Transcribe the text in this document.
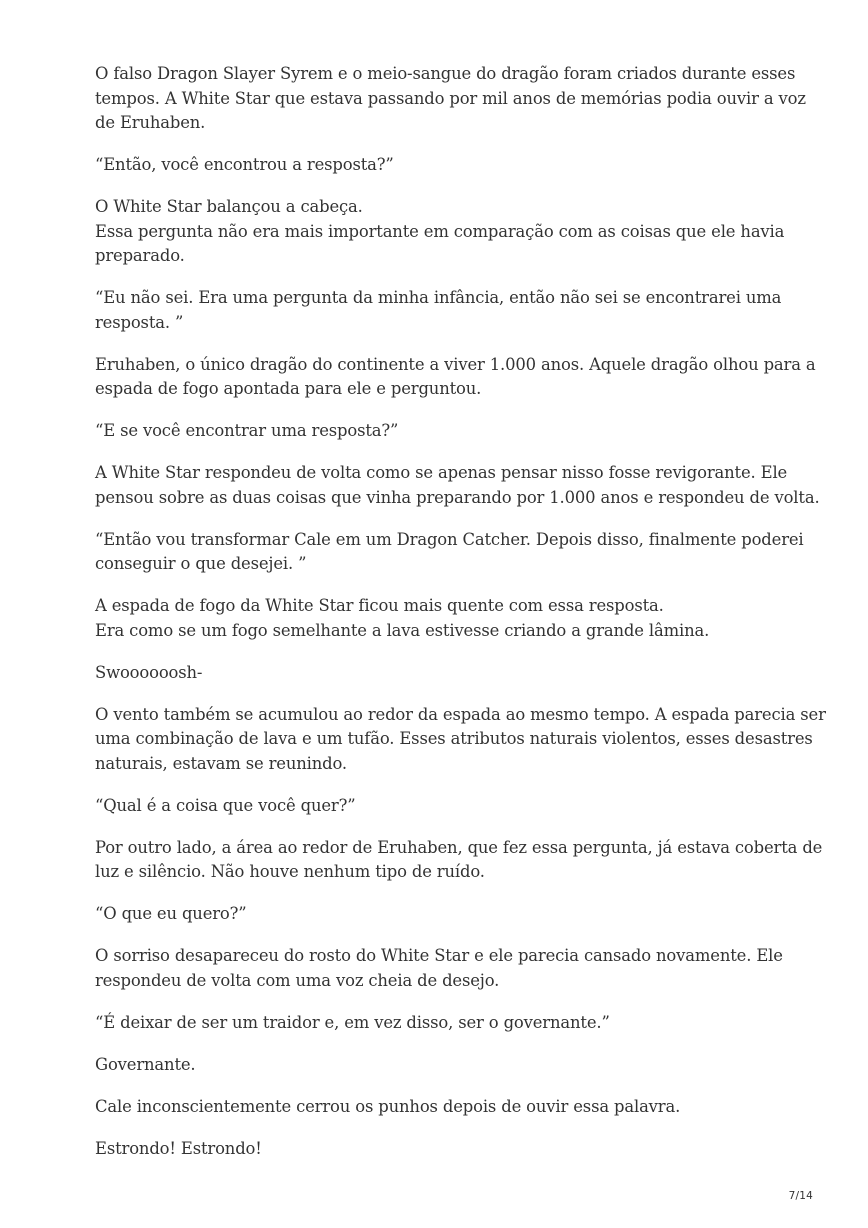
O falso Dragon Slayer Syrem e o meio-sangue do dragão foram criados durante esses
tempos. A White Star que estava passando por mil anos de memórias podia ouvir a voz
de Eruhaben.

“Então, você encontrou a resposta?”

O White Star balançou a cabeça.
Essa pergunta não era mais importante em comparação com as coisas que ele havia
preparado.

“Eu não sei. Era uma pergunta da minha infância, então não sei se encontrarei uma
resposta. ”

Eruhaben, o único dragão do continente a viver 1.000 anos. Aquele dragão olhou para a
espada de fogo apontada para ele e perguntou.

“E se você encontrar uma resposta?”

A White Star respondeu de volta como se apenas pensar nisso fosse revigorante. Ele
pensou sobre as duas coisas que vinha preparando por 1.000 anos e respondeu de volta.

“Então vou transformar Cale em um Dragon Catcher. Depois disso, finalmente poderei
conseguir o que desejei. ”

A espada de fogo da White Star ficou mais quente com essa resposta.
Era como se um fogo semelhante a lava estivesse criando a grande lâmina.

Swoooooosh-

O vento também se acumulou ao redor da espada ao mesmo tempo. A espada parecia ser
uma combinação de lava e um tufão. Esses atributos naturais violentos, esses desastres
naturais, estavam se reunindo.

“Qual é a coisa que você quer?”

Por outro lado, a área ao redor de Eruhaben, que fez essa pergunta, já estava coberta de
luz e silêncio. Não houve nenhum tipo de ruído.

“O que eu quero?”

O sorriso desapareceu do rosto do White Star e ele parecia cansado novamente. Ele
respondeu de volta com uma voz cheia de desejo.

“É deixar de ser um traidor e, em vez disso, ser o governante.”

Governante.

Cale inconscientemente cerrou os punhos depois de ouvir essa palavra.

Estrondo! Estrondo!

7/14
